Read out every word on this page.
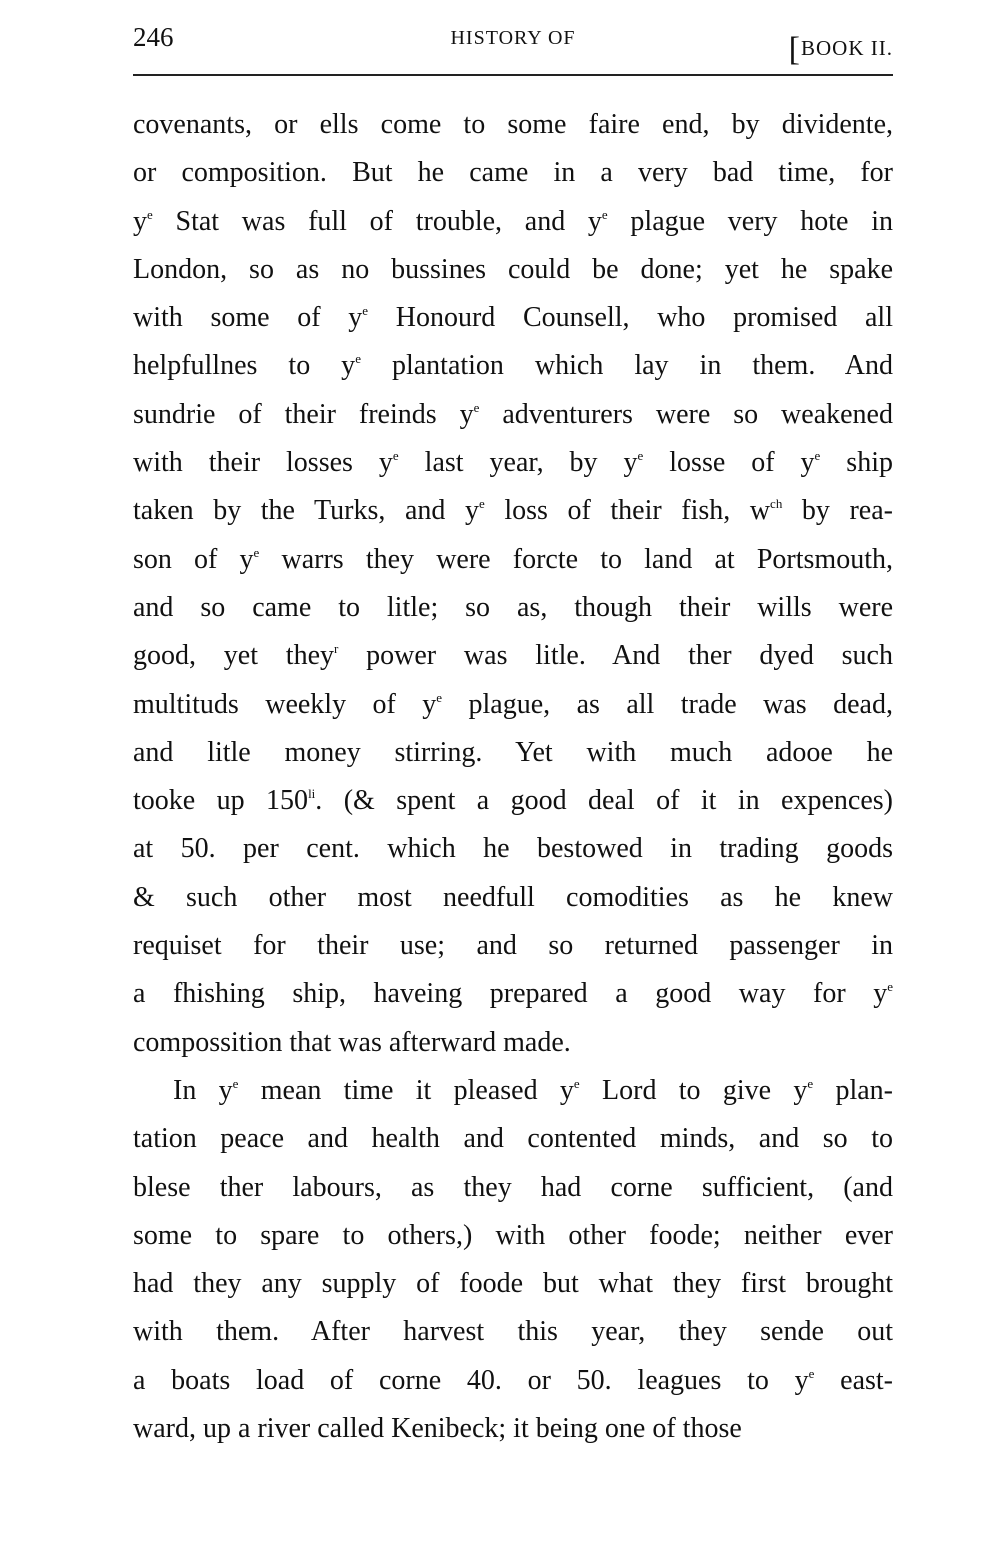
246	HISTORY OF	[BOOK II.
covenants, or ells come to some faire end, by dividente,
or composition. But he came in a very bad time, for
$y^e$ Stat was full of trouble, and $y^e$ plague very hote in
London, so as no bussines could be done; yet he spake
with some of $y^e$ Honourd Counsell, who promised all
helpfullnes to $y^e$ plantation which lay in them. And
sundrie of their freinds $y^e$ adventurers were so weakened
with their losses $y^e$ last year, by $y^e$ losse of $y^e$ ship
taken by the Turks, and $y^e$ loss of their fish, $w^{ch}$ by rea-
son of $y^e$ warrs they were forcte to land at Portsmouth,
and so came to litle; so as, though their wills were
good, yet they$^r$ power was litle. And ther dyed such
multituds weekly of $y^e$ plague, as all trade was dead,
and litle money stirring. Yet with much adooe he
tooke up $150^{li}$. (& spent a good deal of it in expences)
at 50. per cent. which he bestowed in trading goods
& such other most needfull comodities as he knew
requiset for their use; and so returned passenger in
a fhishing ship, haveing prepared a good way for $y^e$
compossition that was afterward made.
In $y^e$ mean time it pleased $y^e$ Lord to give $y^e$ plan-
tation peace and health and contented minds, and so to
blese ther labours, as they had corne sufficient, (and
some to spare to others,) with other foode; neither ever
had they any supply of foode but what they first brought
with them. After harvest this year, they sende out
a boats load of corne 40. or 50. leagues to $y^e$ east-
ward, up a river called Kenibeck; it being one of those
